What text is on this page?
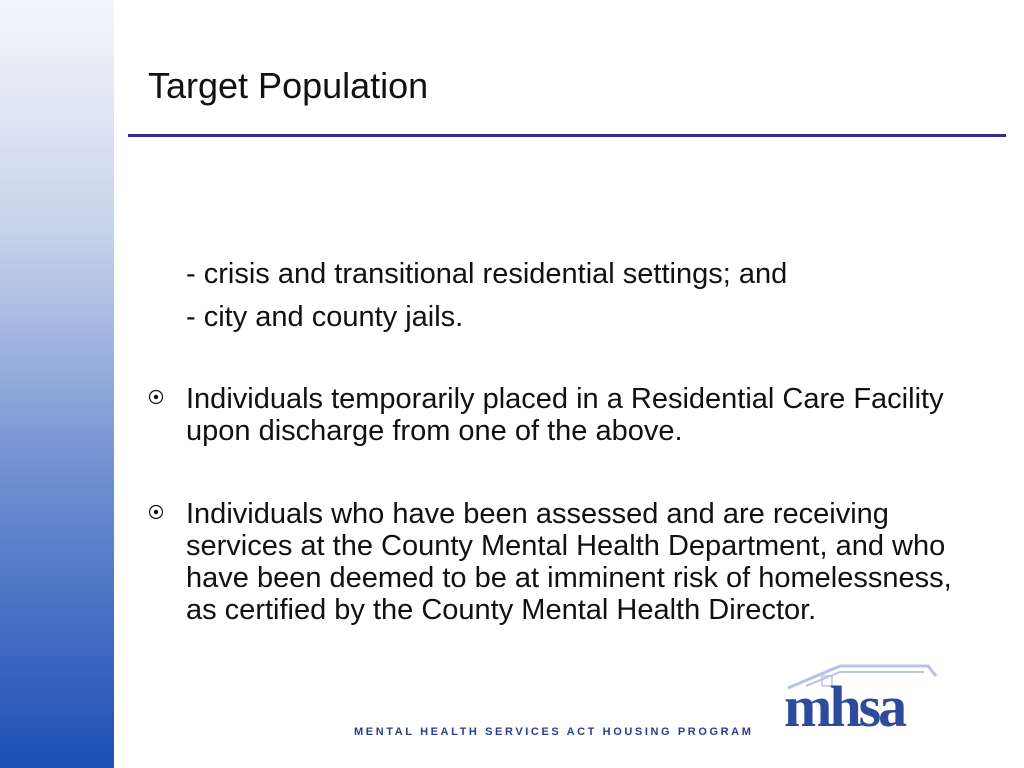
Target Population
- crisis and transitional residential settings; and
- city and county jails.
Individuals temporarily placed in a Residential Care Facility upon discharge from one of the above.
Individuals who have been assessed and are receiving services at the County Mental Health Department, and who have been deemed to be at imminent risk of homelessness, as certified by the County Mental Health Director.
MENTAL HEALTH SERVICES ACT HOUSING PROGRAM mhsa
